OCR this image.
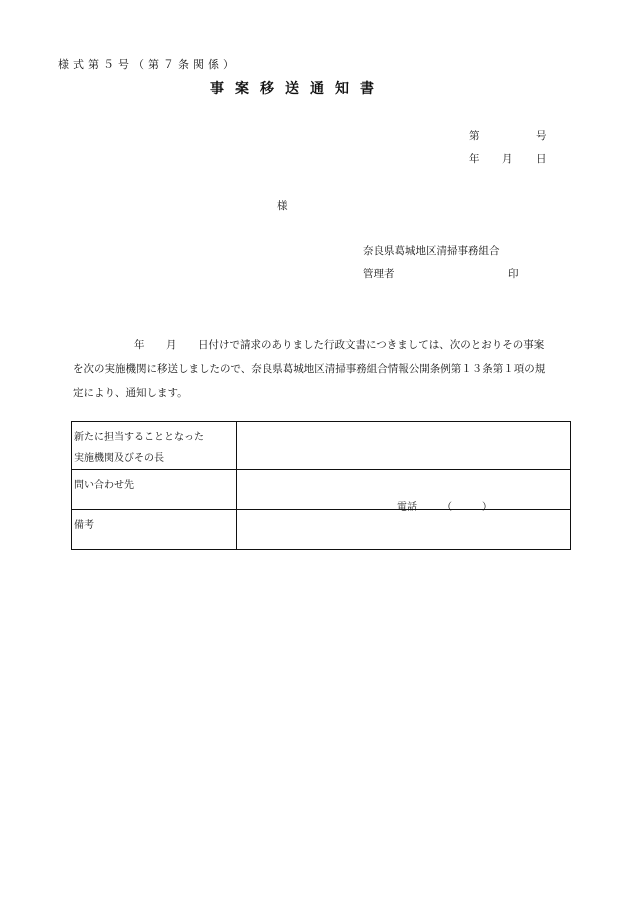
様式第５号（第７条関係）
事案移送通知書
第	号
年 月 日
様
奈良県葛城地区清掃事務組合
管理者	印
年 月 日付けで請求のありました行政文書につきましては、次のとおりその事案
を次の実施機関に移送しましたので、奈良県葛城地区清掃事務組合情報公開条例第１３条第１項の規
定により、通知します。
新たに担当することとなった
実施機関及びその長	

問い合わせ先	電話　　　（　　　）

備考	
